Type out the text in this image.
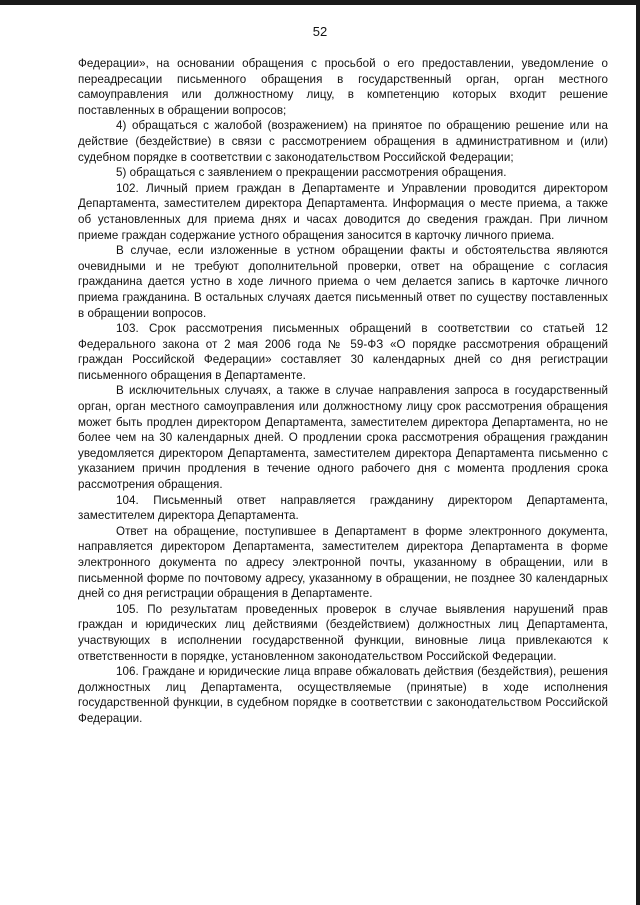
52

Федерации», на основании обращения с просьбой о его предоставлении, уведомление о переадресации письменного обращения в государственный орган, орган местного самоуправления или должностному лицу, в компетенцию которых входит решение поставленных в обращении вопросов;

4) обращаться с жалобой (возражением) на принятое по обращению решение или на действие (бездействие) в связи с рассмотрением обращения в административном и (или) судебном порядке в соответствии с законодательством Российской Федерации;

5) обращаться с заявлением о прекращении рассмотрения обращения.

102. Личный прием граждан в Департаменте и Управлении проводится директором Департамента, заместителем директора Департамента. Информация о месте приема, а также об установленных для приема днях и часах доводится до сведения граждан. При личном приеме граждан содержание устного обращения заносится в карточку личного приема.

В случае, если изложенные в устном обращении факты и обстоятельства являются очевидными и не требуют дополнительной проверки, ответ на обращение с согласия гражданина дается устно в ходе личного приема о чем делается запись в карточке личного приема гражданина. В остальных случаях дается письменный ответ по существу поставленных в обращении вопросов.

103. Срок рассмотрения письменных обращений в соответствии со статьей 12 Федерального закона от 2 мая 2006 года № 59-ФЗ «О порядке рассмотрения обращений граждан Российской Федерации» составляет 30 календарных дней со дня регистрации письменного обращения в Департаменте.

В исключительных случаях, а также в случае направления запроса в государственный орган, орган местного самоуправления или должностному лицу срок рассмотрения обращения может быть продлен директором Департамента, заместителем директора Департамента, но не более чем на 30 календарных дней. О продлении срока рассмотрения обращения гражданин уведомляется директором Департамента, заместителем директора Департамента письменно с указанием причин продления в течение одного рабочего дня с момента продления срока рассмотрения обращения.

104. Письменный ответ направляется гражданину директором Департамента, заместителем директора Департамента.

Ответ на обращение, поступившее в Департамент в форме электронного документа, направляется директором Департамента, заместителем директора Департамента в форме электронного документа по адресу электронной почты, указанному в обращении, или в письменной форме по почтовому адресу, указанному в обращении, не позднее 30 календарных дней со дня регистрации обращения в Департаменте.

105. По результатам проведенных проверок в случае выявления нарушений прав граждан и юридических лиц действиями (бездействием) должностных лиц Департамента, участвующих в исполнении государственной функции, виновные лица привлекаются к ответственности в порядке, установленном законодательством Российской Федерации.

106. Граждане и юридические лица вправе обжаловать действия (бездействия), решения должностных лиц Департамента, осуществляемые (принятые) в ходе исполнения государственной функции, в судебном порядке в соответствии с законодательством Российской Федерации.
